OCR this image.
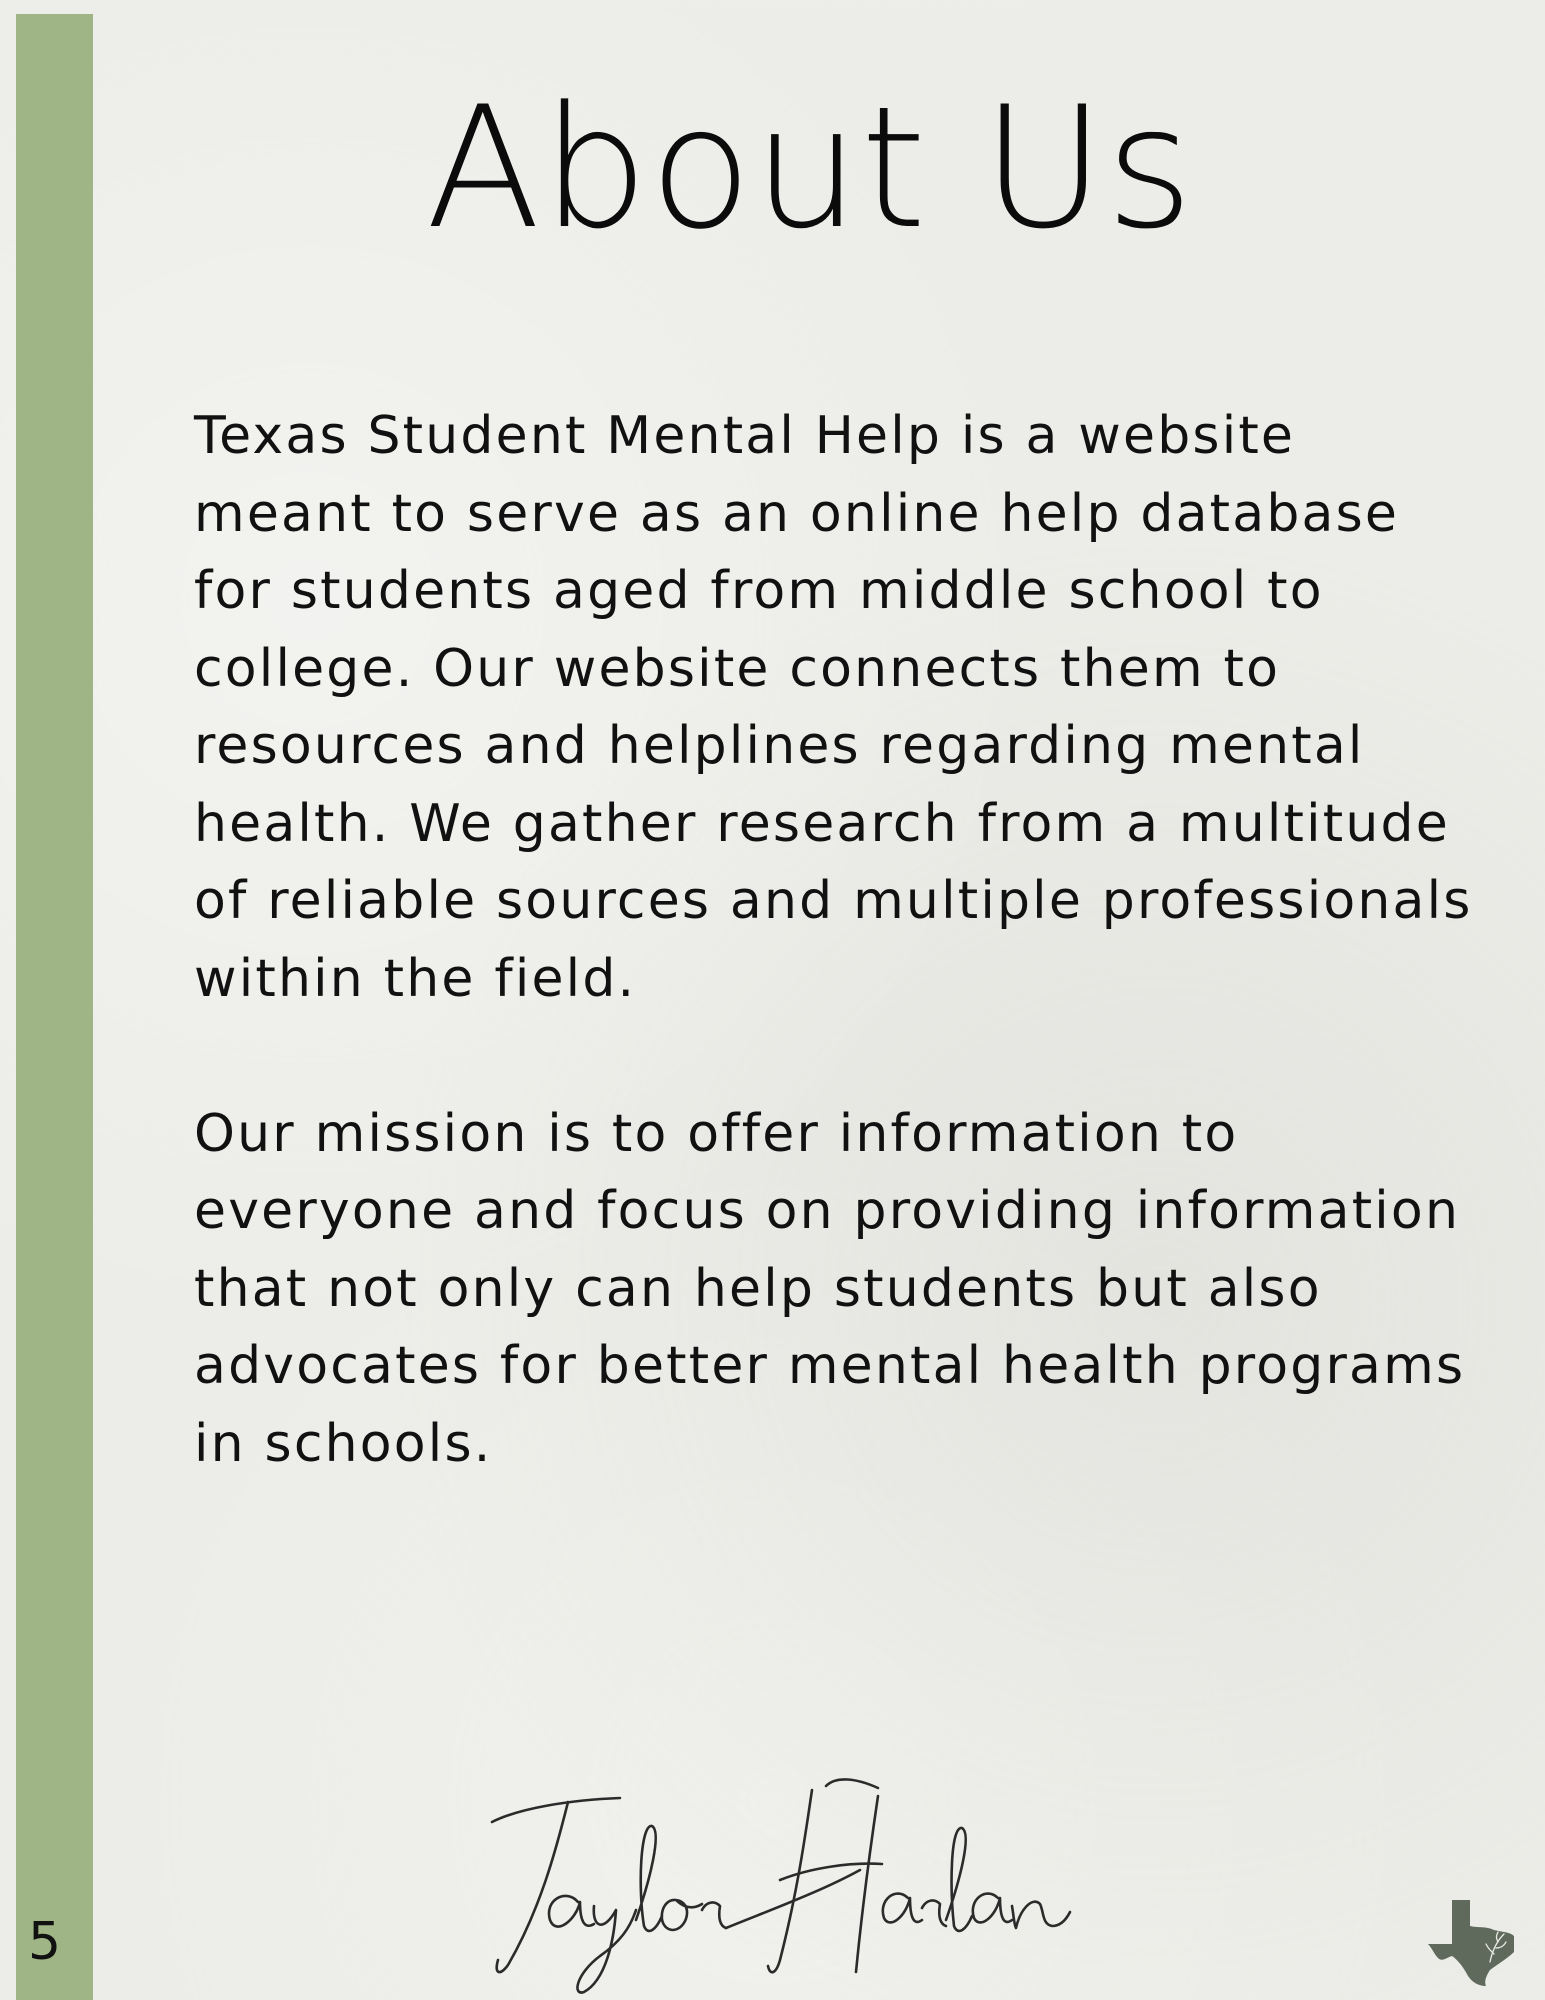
5
About Us

Texas Student Mental Help is a website meant to serve as an online help database for students aged from middle school to college. Our website connects them to resources and helplines regarding mental health. We gather research from a multitude of reliable sources and multiple professionals within the field.

Our mission is to offer information to everyone and focus on providing information that not only can help students but also advocates for better mental health programs in schools.
